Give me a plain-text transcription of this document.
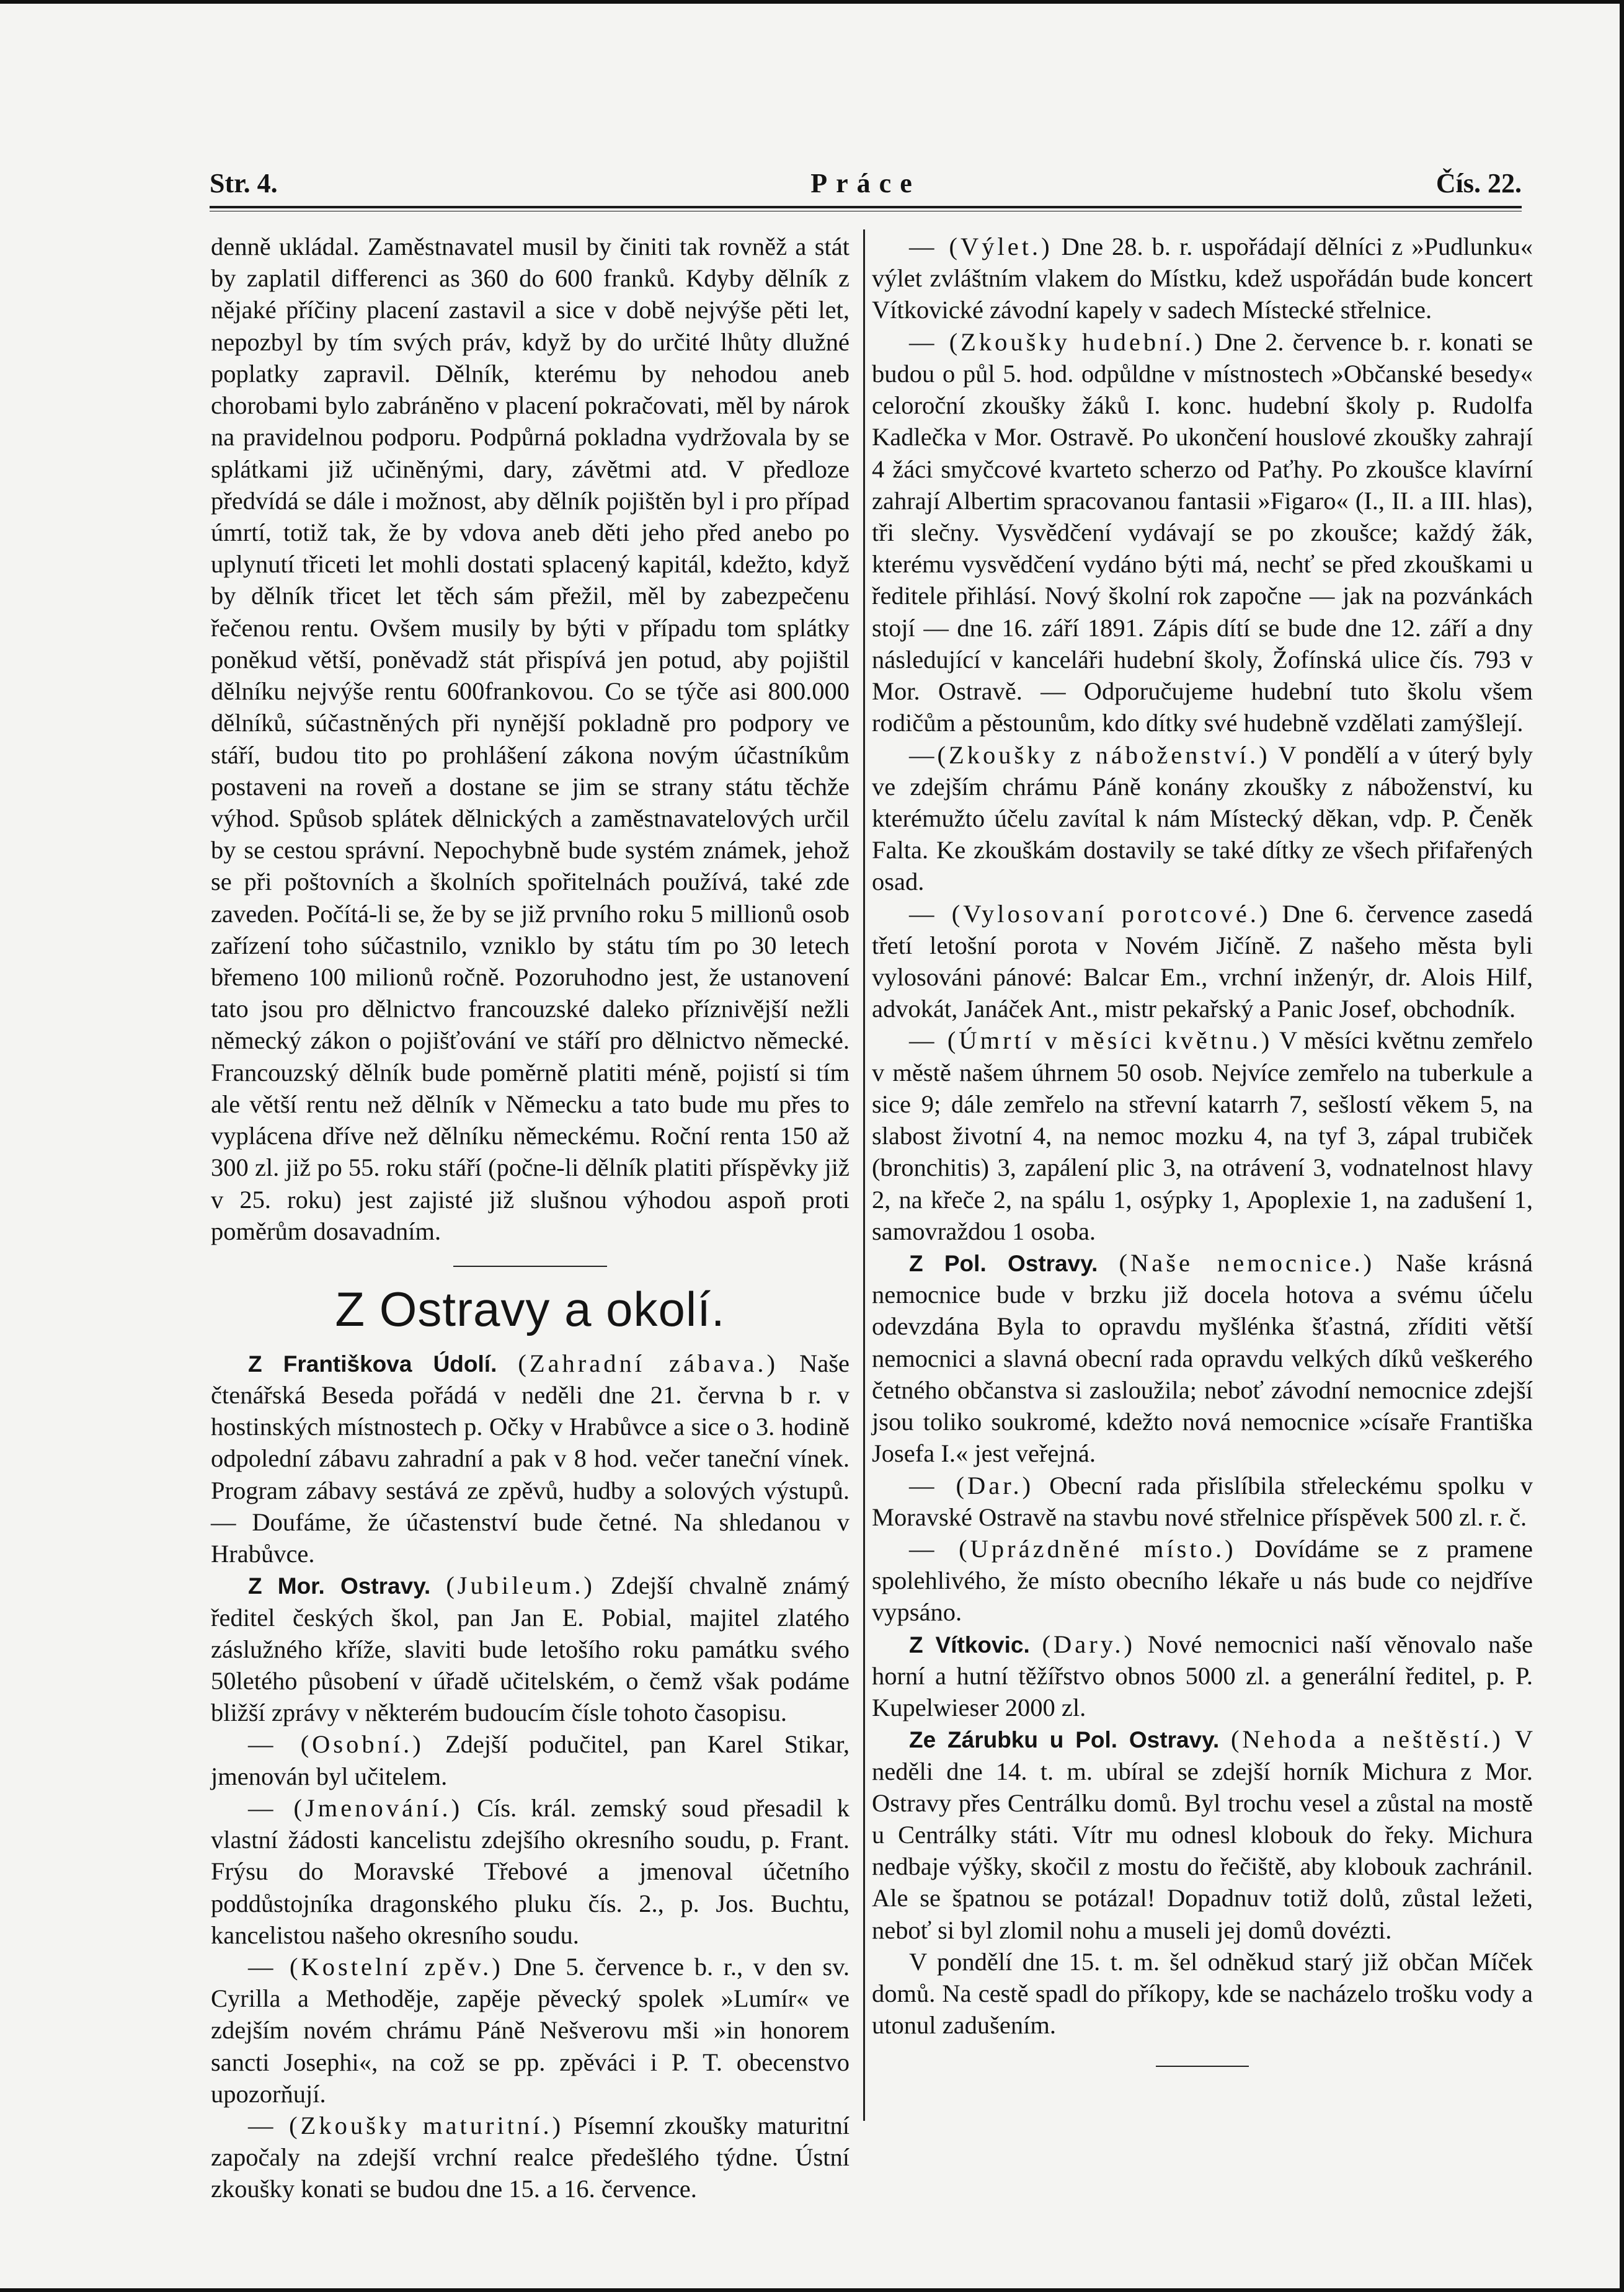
Str. 4.	Práce	Čís. 22.

denně ukládal. Zaměstnavatel musil by činiti tak rovněž a stát by zaplatil differenci as 360 do 600 franků. Kdyby dělník z nějaké příčiny placení zastavil a sice v době nejvýše pěti let, nepozbyl by tím svých práv, když by do určité lhůty dlužné poplatky zapravil. Dělník, kterému by nehodou aneb chorobami bylo zabráněno v placení pokračovati, měl by nárok na pravidelnou podporu. Podpůrná pokladna vydržovala by se splátkami již učiněnými, dary, závětmi atd. V předloze předvídá se dále i možnost, aby dělník pojištěn byl i pro případ úmrtí, totiž tak, že by vdova aneb děti jeho před anebo po uplynutí třiceti let mohli dostati splacený kapitál, kdežto, když by dělník třicet let těch sám přežil, měl by zabezpečenu řečenou rentu. Ovšem musily by býti v případu tom splátky poněkud větší, poněvadž stát přispívá jen potud, aby pojištil dělníku nejvýše rentu 600frankovou. Co se týče asi 800.000 dělníků, súčastněných při nynější pokladně pro podpory ve stáří, budou tito po prohlášení zákona novým účastníkům postaveni na roveň a dostane se jim se strany státu těchže výhod. Spůsob splátek dělnických a zaměstnavatelových určil by se cestou správní. Nepochybně bude systém známek, jehož se při poštovních a školních spořitelnách používá, také zde zaveden. Počítá-li se, že by se již prvního roku 5 millionů osob zařízení toho súčastnilo, vzniklo by státu tím po 30 letech břemeno 100 milionů ročně. Pozoruhodno jest, že ustanovení tato jsou pro dělnictvo francouzské daleko příznivější nežli německý zákon o pojišťování ve stáří pro dělnictvo německé. Francouzský dělník bude poměrně platiti méně, pojistí si tím ale větší rentu než dělník v Německu a tato bude mu přes to vyplácena dříve než dělníku německému. Roční renta 150 až 300 zl. již po 55. roku stáří (počne-li dělník platiti příspěvky již v 25. roku) jest zajisté již slušnou výhodou aspoň proti poměrům dosavadním.

Z Ostravy a okolí.

Z Františkova Údolí. (Zahradní zábava.) Naše čtenářská Beseda pořádá v neděli dne 21. června b r. v hostinských místnostech p. Očky v Hrabůvce a sice o 3. hodině odpolední zábavu zahradní a pak v 8 hod. večer taneční vínek. Program zábavy sestává ze zpěvů, hudby a solových výstupů. — Doufáme, že účastenství bude četné. Na shledanou v Hrabůvce.

Z Mor. Ostravy. (Jubileum.) Zdejší chvalně známý ředitel českých škol, pan Jan E. Pobial, majitel zlatého záslužného kříže, slaviti bude letošího roku památku svého 50letého působení v úřadě učitelském, o čemž však podáme bližší zprávy v některém budoucím čísle tohoto časopisu.

— (Osobní.) Zdejší podučitel, pan Karel Stikar, jmenován byl učitelem.

— (Jmenování.) Cís. král. zemský soud přesadil k vlastní žádosti kancelistu zdejšího okresního soudu, p. Frant. Frýsu do Moravské Třebové a jmenoval účetního poddůstojníka dragonského pluku čís. 2., p. Jos. Buchtu, kancelistou našeho okresního soudu.

— (Kostelní zpěv.) Dne 5. července b. r., v den sv. Cyrilla a Methoděje, zapěje pěvecký spolek »Lumír« ve zdejším novém chrámu Páně Nešverovu mši »in honorem sancti Josephi«, na což se pp. zpěváci i P. T. obecenstvo upozorňují.

— (Zkoušky maturitní.) Písemní zkoušky maturitní započaly na zdejší vrchní realce předešlého týdne. Ústní zkoušky konati se budou dne 15. a 16. července.

— (Výlet.) Dne 28. b. r. uspořádají dělníci z »Pudlunku« výlet zvláštním vlakem do Místku, kdež uspořádán bude koncert Vítkovické závodní kapely v sadech Místecké střelnice.

— (Zkoušky hudební.) Dne 2. července b. r. konati se budou o půl 5. hod. odpůldne v místnostech »Občanské besedy« celoroční zkoušky žáků I. konc. hudební školy p. Rudolfa Kadlečka v Mor. Ostravě. Po ukončení houslové zkoušky zahrají 4 žáci smyčcové kvarteto scherzo od Paťhy. Po zkoušce klavírní zahrají Albertim spracovanou fantasii »Figaro« (I., II. a III. hlas), tři slečny. Vysvědčení vydávají se po zkoušce; každý žák, kterému vysvědčení vydáno býti má, nechť se před zkouškami u ředitele přihlásí. Nový školní rok započne — jak na pozvánkách stojí — dne 16. září 1891. Zápis dítí se bude dne 12. září a dny následující v kanceláři hudební školy, Žofínská ulice čís. 793 v Mor. Ostravě. — Odporučujeme hudební tuto školu všem rodičům a pěstounům, kdo dítky své hudebně vzdělati zamýšlejí.

—(Zkoušky z náboženství.) V pondělí a v úterý byly ve zdejším chrámu Páně konány zkoušky z náboženství, ku kterémužto účelu zavítal k nám Místecký děkan, vdp. P. Čeněk Falta. Ke zkouškám dostavily se také dítky ze všech přifařených osad.

— (Vylosovaní porotcové.) Dne 6. července zasedá třetí letošní porota v Novém Jičíně. Z našeho města byli vylosováni pánové: Balcar Em., vrchní inženýr, dr. Alois Hilf, advokát, Janáček Ant., mistr pekařský a Panic Josef, obchodník.

— (Úmrtí v měsíci květnu.) V měsíci květnu zemřelo v městě našem úhrnem 50 osob. Nejvíce zemřelo na tuberkule a sice 9; dále zemřelo na střevní katarrh 7, sešlostí věkem 5, na slabost životní 4, na nemoc mozku 4, na tyf 3, zápal trubiček (bronchitis) 3, zapálení plic 3, na otrávení 3, vodnatelnost hlavy 2, na křeče 2, na spálu 1, osýpky 1, Apoplexie 1, na zadušení 1, samovraždou 1 osoba.

Z Pol. Ostravy. (Naše nemocnice.) Naše krásná nemocnice bude v brzku již docela hotova a svému účelu odevzdána Byla to opravdu myšlénka šťastná, zříditi větší nemocnici a slavná obecní rada opravdu velkých díků veškerého četného občanstva si zasloužila; neboť závodní nemocnice zdejší jsou toliko soukromé, kdežto nová nemocnice »císaře Františka Josefa I.« jest veřejná.

— (Dar.) Obecní rada přislíbila střeleckému spolku v Moravské Ostravě na stavbu nové střelnice příspěvek 500 zl. r. č.

— (Uprázdněné místo.) Dovídáme se z pramene spolehlivého, že místo obecního lékaře u nás bude co nejdříve vypsáno.

Z Vítkovic. (Dary.) Nové nemocnici naší věnovalo naše horní a hutní těžířstvo obnos 5000 zl. a generální ředitel, p. P. Kupelwieser 2000 zl.

Ze Zárubku u Pol. Ostravy. (Nehoda a neštěstí.) V neděli dne 14. t. m. ubíral se zdejší horník Michura z Mor. Ostravy přes Centrálku domů. Byl trochu vesel a zůstal na mostě u Centrálky státi. Vítr mu odnesl klobouk do řeky. Michura nedbaje výšky, skočil z mostu do řečiště, aby klobouk zachránil. Ale se špatnou se potázal! Dopadnuv totiž dolů, zůstal ležeti, neboť si byl zlomil nohu a museli jej domů dovézti.

V pondělí dne 15. t. m. šel odněkud starý již občan Míček domů. Na cestě spadl do příkopy, kde se nacházelo trošku vody a utonul zadušením.
